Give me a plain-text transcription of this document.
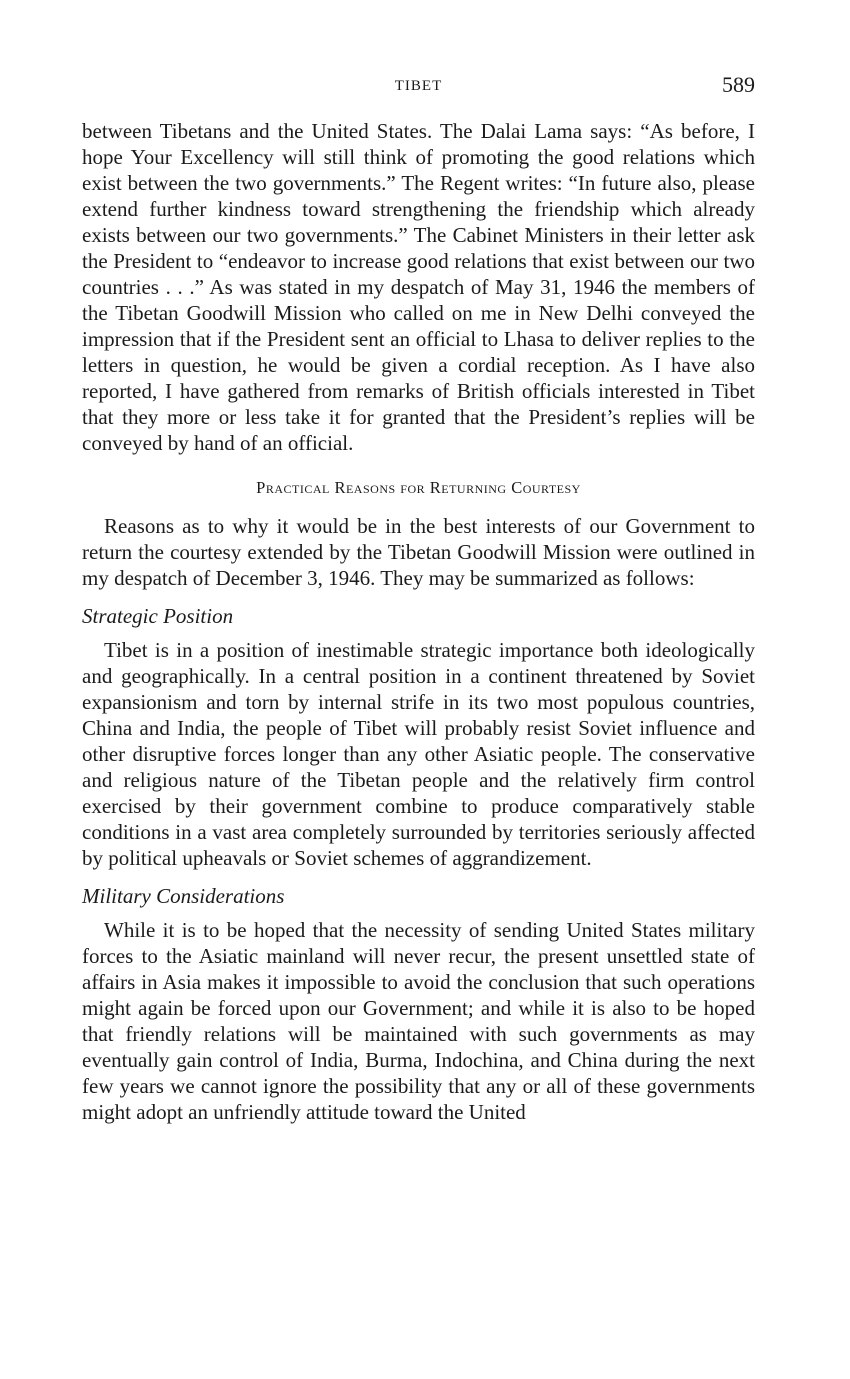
TIBET	589

between Tibetans and the United States. The Dalai Lama says: “As before, I hope Your Excellency will still think of promoting the good relations which exist between the two governments.” The Regent writes: “In future also, please extend further kindness toward strengthening the friendship which already exists between our two governments.” The Cabinet Ministers in their letter ask the President to “endeavor to increase good relations that exist between our two countries . . .” As was stated in my despatch of May 31, 1946 the members of the Tibetan Goodwill Mission who called on me in New Delhi conveyed the impression that if the President sent an official to Lhasa to deliver replies to the letters in question, he would be given a cordial reception. As I have also reported, I have gathered from remarks of British officials interested in Tibet that they more or less take it for granted that the President’s replies will be conveyed by hand of an official.

Practical Reasons for Returning Courtesy

Reasons as to why it would be in the best interests of our Government to return the courtesy extended by the Tibetan Goodwill Mission were outlined in my despatch of December 3, 1946. They may be summarized as follows:

Strategic Position

Tibet is in a position of inestimable strategic importance both ideologically and geographically. In a central position in a continent threatened by Soviet expansionism and torn by internal strife in its two most populous countries, China and India, the people of Tibet will probably resist Soviet influence and other disruptive forces longer than any other Asiatic people. The conservative and religious nature of the Tibetan people and the relatively firm control exercised by their government combine to produce comparatively stable conditions in a vast area completely surrounded by territories seriously affected by political upheavals or Soviet schemes of aggrandizement.

Military Considerations

While it is to be hoped that the necessity of sending United States military forces to the Asiatic mainland will never recur, the present unsettled state of affairs in Asia makes it impossible to avoid the conclusion that such operations might again be forced upon our Government; and while it is also to be hoped that friendly relations will be maintained with such governments as may eventually gain control of India, Burma, Indochina, and China during the next few years we cannot ignore the possibility that any or all of these governments might adopt an unfriendly attitude toward the United
